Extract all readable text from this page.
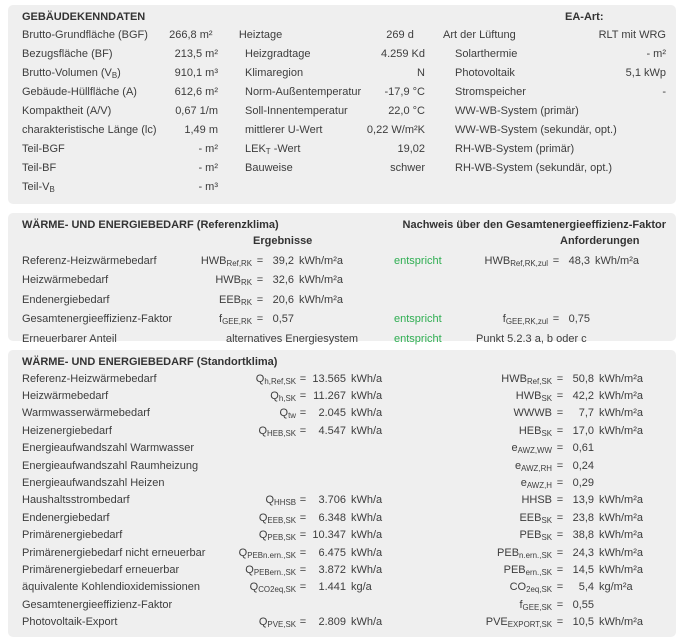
GEBÄUDEKENNDATEN	EA-Art:
Brutto-Grundfläche (BGF)	266,8 m² Heiztage	269 d	Art der Lüftung	RLT mit WRG
Bezugsfläche (BF)	213,5 m² Heizgradtage	4.259 Kd	Solarthermie	- m²
Brutto-Volumen $(V_B)$	910,1 m³ Klimaregion	N	Photovoltaik	5,1 kWp
Gebäude-Hüllfläche (A)	612,6 m² Norm-Außentemperatur	-17,9 °C	Stromspeicher	-
Kompaktheit (A/V)	0,67 1/m Soll-Innentemperatur	22,0 °C	WW-WB-System (primär)
charakteristische Länge (lc)	1,49 m mittlerer U-Wert	0,22 W/m²K	WW-WB-System (sekundär, opt.)
Teil-BGF	- m² $LEK_T$ -Wert	19,02	RH-WB-System (primär)
Teil-BF	- m² Bauweise	schwer	RH-WB-System (sekundär, opt.)
Teil-$V_B$	- m³
WÄRME- UND ENERGIEBEDARF (Referenzklima)	Nachweis über den Gesamtenergieeffizienz-Faktor
Ergebnisse	Anforderungen
Referenz-Heizwärmebedarf	$HWB_{Ref,RK} = 39,2$ kWh/m²a	entspricht	$HWB_{Ref,RK,zul} = 48,3$ kWh/m²a
Heizwärmebedarf	$HWB_{RK} = 32,6$ kWh/m²a
Endenergiebedarf	$EEB_{RK} = 20,6$ kWh/m²a
Gesamtenergieeffizienz-Faktor	$f_{GEE,RK} = 0,57$	entspricht	$f_{GEE,RK,zul} = 0,75$
Erneuerbarer Anteil	alternatives Energiesystem	entspricht	Punkt 5.2.3 a, b oder c
WÄRME- UND ENERGIEBEDARF (Standortklima)
Referenz-Heizwärmebedarf	$Q_{h,Ref,SK} = 13.565$ kWh/a	$HWB_{Ref,SK} = 50,8$ kWh/m²a
Heizwärmebedarf	$Q_{h,SK} = 11.267$ kWh/a	$HWB_{SK} = 42,2$ kWh/m²a
Warmwasserwärmebedarf	$Q_{tw}$ =	2.045 kWh/a	WWWB =	7,7 kWh/m²a
Heizenergiebedarf	$Q_{HEB,SK}$ =	4.547 kWh/a	$HEB_{SK} = 17,0$ kWh/m²a
Energieaufwandszahl Warmwasser	$e_{AWZ,WW} = 0,61$
Energieaufwandszahl Raumheizung	$e_{AWZ,RH} = 0,24$
Energieaufwandszahl Heizen	$e_{AWZ,H} = 0,29$
Haushaltsstrombedarf	$Q_{HHSB}$ =	3.706 kWh/a	HHSB = 13,9 kWh/m²a
Endenergiebedarf	$Q_{EEB,SK}$ =	6.348 kWh/a	$EEB_{SK} = 23,8$ kWh/m²a
Primärenergiebedarf	$Q_{PEB,SK} = 10.347$ kWh/a	$PEB_{SK} = 38,8$ kWh/m²a
Primärenergiebedarf nicht erneuerbar	$Q_{PEBn.ern.,SK}$ =	6.475 kWh/a	$PEB_{n.ern.,SK} = 24,3$ kWh/m²a
Primärenergiebedarf erneuerbar	$Q_{PEBern.,SK}$ =	3.872 kWh/a	$PEB_{ern.,SK} = 14,5$ kWh/m²a
äquivalente Kohlendioxidemissionen	$Q_{CO2eq,SK}$ =	1.441 kg/a	$CO_{2eq,SK}$ =	5,4 kg/m²a
Gesamtenergieeffizienz-Faktor	$f_{GEE,SK} = 0,55$
Photovoltaik-Export	$Q_{PVE,SK}$ =	2.809 kWh/a	$PVE_{EXPORT,SK} = 10,5$ kWh/m²a
